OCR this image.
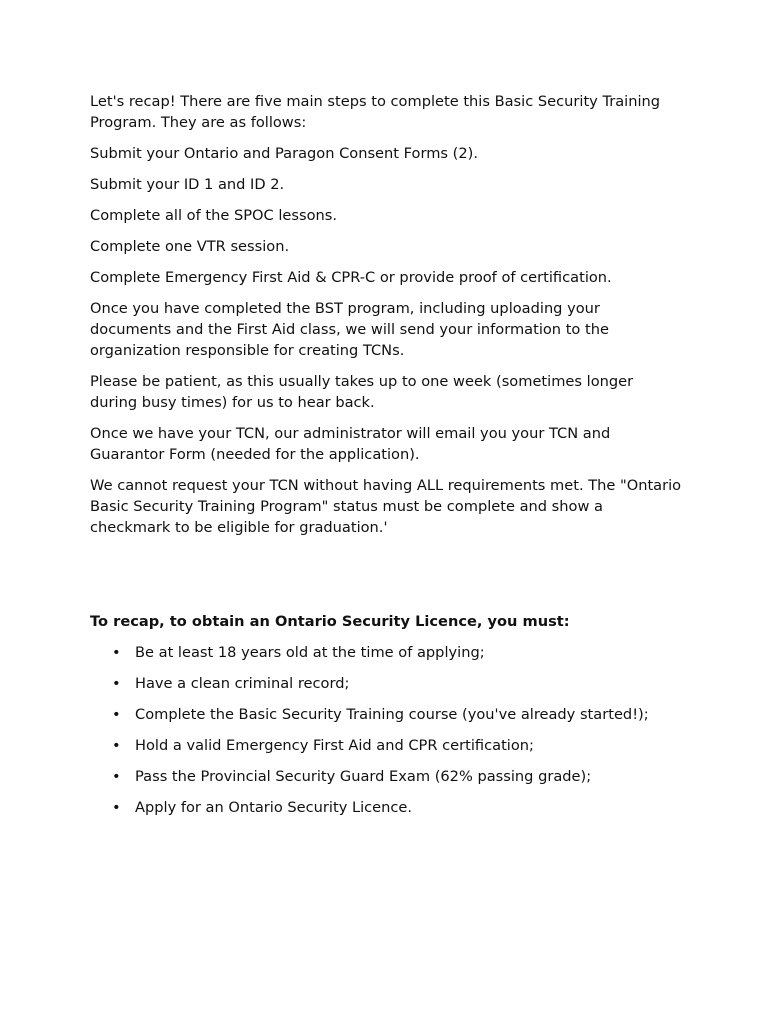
Let's recap! There are five main steps to complete this Basic Security Training Program. They are as follows:

Submit your Ontario and Paragon Consent Forms (2).

Submit your ID 1 and ID 2.

Complete all of the SPOC lessons.

Complete one VTR session.

Complete Emergency First Aid & CPR-C or provide proof of certification.

Once you have completed the BST program, including uploading your documents and the First Aid class, we will send your information to the organization responsible for creating TCNs.

Please be patient, as this usually takes up to one week (sometimes longer during busy times) for us to hear back.

Once we have your TCN, our administrator will email you your TCN and Guarantor Form (needed for the application).

We cannot request your TCN without having ALL requirements met. The "Ontario Basic Security Training Program" status must be complete and show a checkmark to be eligible for graduation.'

To recap, to obtain an Ontario Security Licence, you must:

• Be at least 18 years old at the time of applying;
• Have a clean criminal record;
• Complete the Basic Security Training course (you've already started!);
• Hold a valid Emergency First Aid and CPR certification;
• Pass the Provincial Security Guard Exam (62% passing grade);
• Apply for an Ontario Security Licence.
